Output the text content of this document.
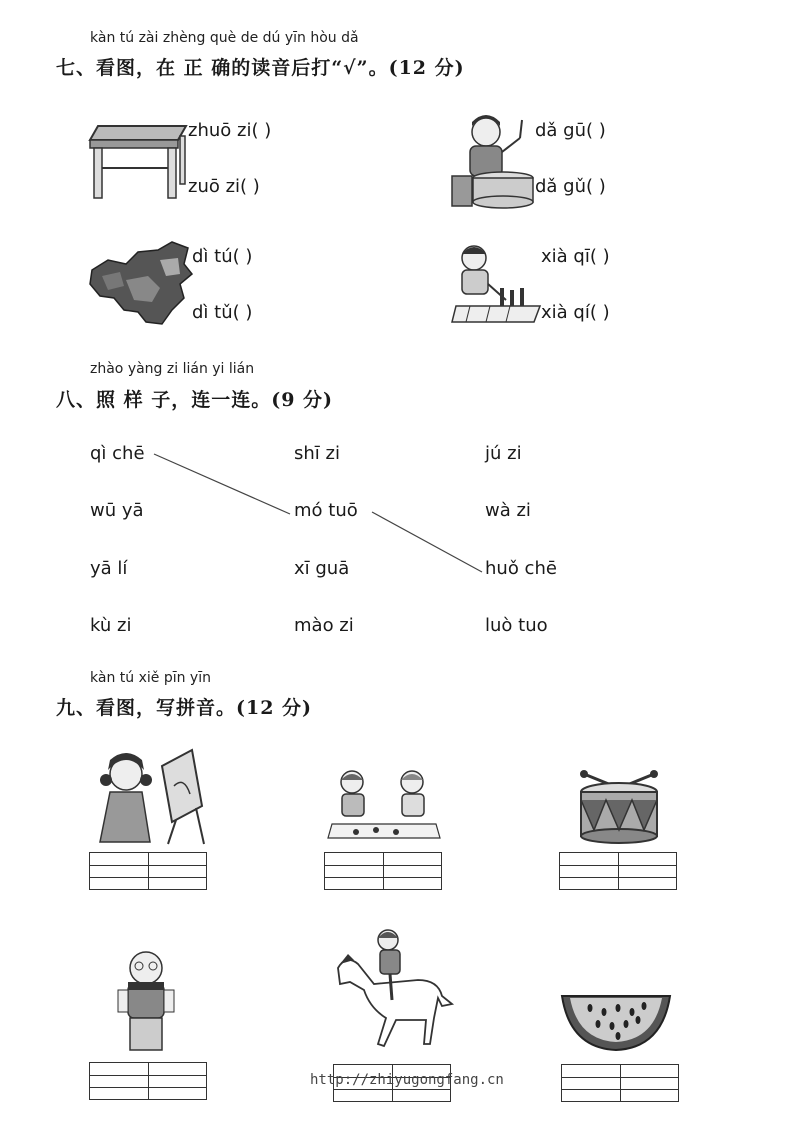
kàn tú zài zhèng què de dú yīn hòu dǎ
七、看图，在 正 确的读音后打“√”。(12 分)
zhuō zi( )
zuō zi( )
dǎ gū( )
dǎ gǔ( )
dì tú( )
dì tǔ( )
xià qī( )
xià qí( )
zhào yàng zi lián yi lián
八、照 样 子，连一连。(9 分)
qì chē
wū yā
yā lí
kù zi
shī zi
mó tuō
xī guā
mào zi
jú zi
wà zi
huǒ chē
luò tuo
kàn tú xiě pīn yīn
九、看图，写拼音。(12 分)
http://zhiyugongfang.cn
